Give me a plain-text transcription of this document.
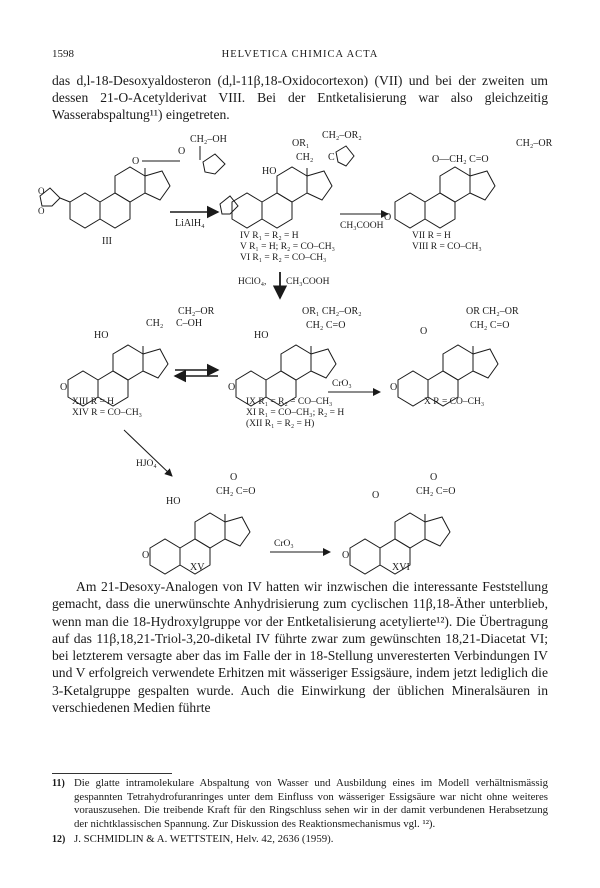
1598	HELVETICA CHIMICA ACTA

das d,l-18-Desoxyaldosteron (d,l-11β,18-Oxidocortexon) (VII) und bei der zweiten um dessen 21-O-Acetylderivat VIII. Bei der Entketalisierung war also gleichzeitig Wasserabspaltung¹¹) eingetreten.

O
O
CH₂–OH
O
O
III
LiAlH₄
OR₁
CH₂–OR₂
CH₂ C
HO
IV R₁ = R₂ = H
V R₁ = H; R₂ = CO–CH₃
VI R₁ = R₂ = CO–CH₃
CH₃COOH
O
CH₂–OR
O—CH₂ C=O
VII R = H
VIII R = CO–CH₃
HClO₄, CH₃COOH
O
CH₂–OR
CH₂ C–OH
HO
XIII R = H
XIV R = CO–CH₃
O
OR₁ CH₂–OR₂
CH₂ C=O
HO
IX R₁ = R₂ = CO–CH₃
XI R₁ = CO–CH₃; R₂ = H
(XII R₁ = R₂ = H)
CrO₃	O
O
OR CH₂–OR
CH₂ C=O
X R = CO–CH₃
HJO₄
O
O
CH₂ C=O
HO
XV
CrO₃
O
O
O	CH₂ C=O
XVI

Am 21-Desoxy-Analogen von IV hatten wir inzwischen die interessante Feststellung gemacht, dass die unerwünschte Anhydrisierung zum cyclischen 11β,18-Äther unterblieb, wenn man die 18-Hydroxylgruppe vor der Entketalisierung acetylierte¹²). Die Übertragung auf das 11β,18,21-Triol-3,20-diketal IV führte zwar zum gewünschten 18,21-Diacetat VI; bei letzterem versagte aber das im Falle der in 18-Stellung unveresterten Verbindungen IV und V erfolgreich verwendete Erhitzen mit wässeriger Essigsäure, indem jetzt lediglich die 3-Ketalgruppe gespalten wurde. Auch die Einwirkung der üblichen Mineralsäuren in verschiedenen Medien führte

11) Die glatte intramolekulare Abspaltung von Wasser und Ausbildung eines im Modell verhältnismässig gespannten Tetrahydrofuranringes unter dem Einfluss von wässeriger Essigsäure war nicht ohne weiteres vorauszusehen. Die treibende Kraft für den Ringschluss sehen wir in der damit verbundenen Herabsetzung der nichtklassischen Spannung. Zur Diskussion des Reaktionsmechanismus vgl. ¹²).
12) J. SCHMIDLIN & A. WETTSTEIN, Helv. 42, 2636 (1959).
